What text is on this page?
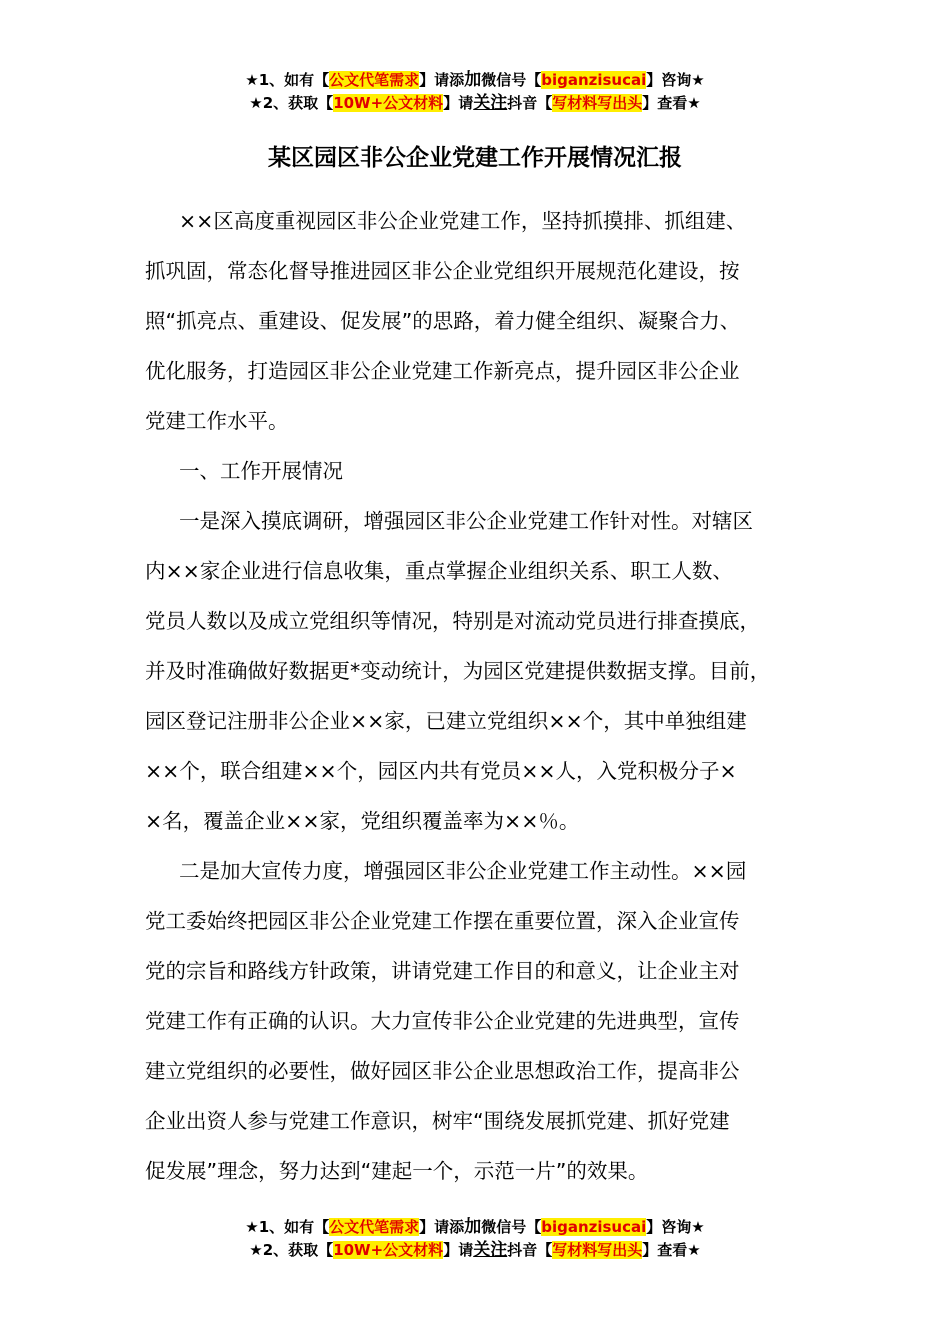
★1、如有【公文代笔需求】请添加微信号【biganzisucai】咨询★
★2、获取【10W+公文材料】请关注抖音【写材料写出头】查看★
某区园区非公企业党建工作开展情况汇报

××区高度重视园区非公企业党建工作，坚持抓摸排、抓组建、

抓巩固，常态化督导推进园区非公企业党组织开展规范化建设，按

照“抓亮点、重建设、促发展”的思路，着力健全组织、凝聚合力、

优化服务，打造园区非公企业党建工作新亮点，提升园区非公企业

党建工作水平。

一、工作开展情况

一是深入摸底调研，增强园区非公企业党建工作针对性。对辖区

内××家企业进行信息收集，重点掌握企业组织关系、职工人数、

党员人数以及成立党组织等情况，特别是对流动党员进行排查摸底，

并及时准确做好数据更*变动统计，为园区党建提供数据支撑。目前，

园区登记注册非公企业××家，已建立党组织××个，其中单独组建

××个，联合组建××个，园区内共有党员××人，入党积极分子×

×名，覆盖企业××家，党组织覆盖率为××％。

二是加大宣传力度，增强园区非公企业党建工作主动性。××园

党工委始终把园区非公企业党建工作摆在重要位置，深入企业宣传

党的宗旨和路线方针政策，讲请党建工作目的和意义，让企业主对

党建工作有正确的认识。大力宣传非公企业党建的先进典型，宣传

建立党组织的必要性，做好园区非公企业思想政治工作，提高非公

企业出资人参与党建工作意识，树牢“围绕发展抓党建、抓好党建

促发展”理念，努力达到“建起一个，示范一片”的效果。

★1、如有【公文代笔需求】请添加微信号【biganzisucai】咨询★
★2、获取【10W+公文材料】请关注抖音【写材料写出头】查看★
